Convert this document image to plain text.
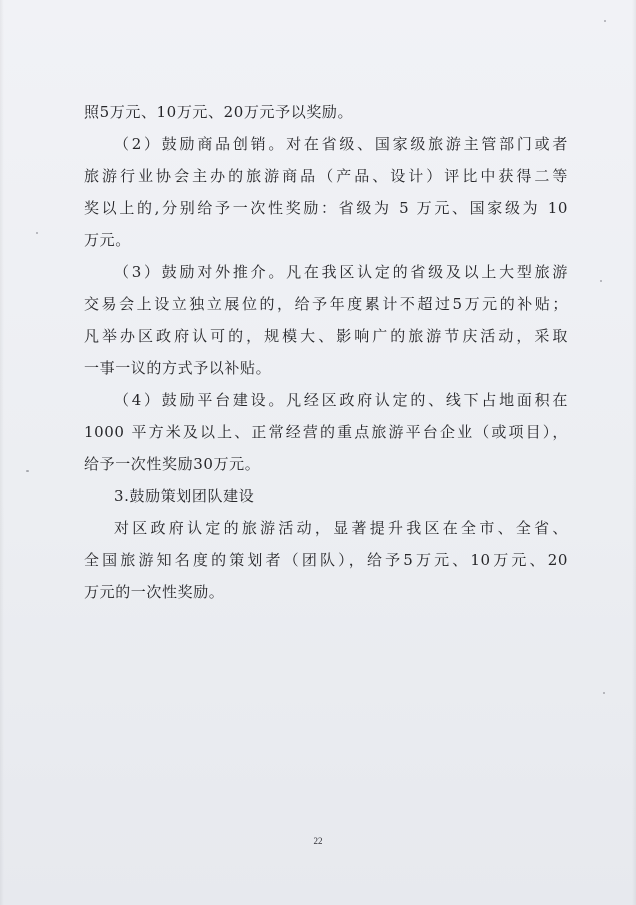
照5万元、10万元、20万元予以奖励。
（2）鼓励商品创销。对在省级、国家级旅游主管部门或者
旅游行业协会主办的旅游商品（产品、设计）评比中获得二等
奖以上的,分别给予一次性奖励：省级为 5 万元、国家级为 10
万元。
（3）鼓励对外推介。凡在我区认定的省级及以上大型旅游
交易会上设立独立展位的，给予年度累计不超过5万元的补贴；
凡举办区政府认可的，规模大、影响广的旅游节庆活动，采取
一事一议的方式予以补贴。
（4）鼓励平台建设。凡经区政府认定的、线下占地面积在
1000 平方米及以上、正常经营的重点旅游平台企业（或项目），
给予一次性奖励30万元。
3.鼓励策划团队建设
对区政府认定的旅游活动，显著提升我区在全市、全省、
全国旅游知名度的策划者（团队），给予5万元、10万元、20
万元的一次性奖励。
22
